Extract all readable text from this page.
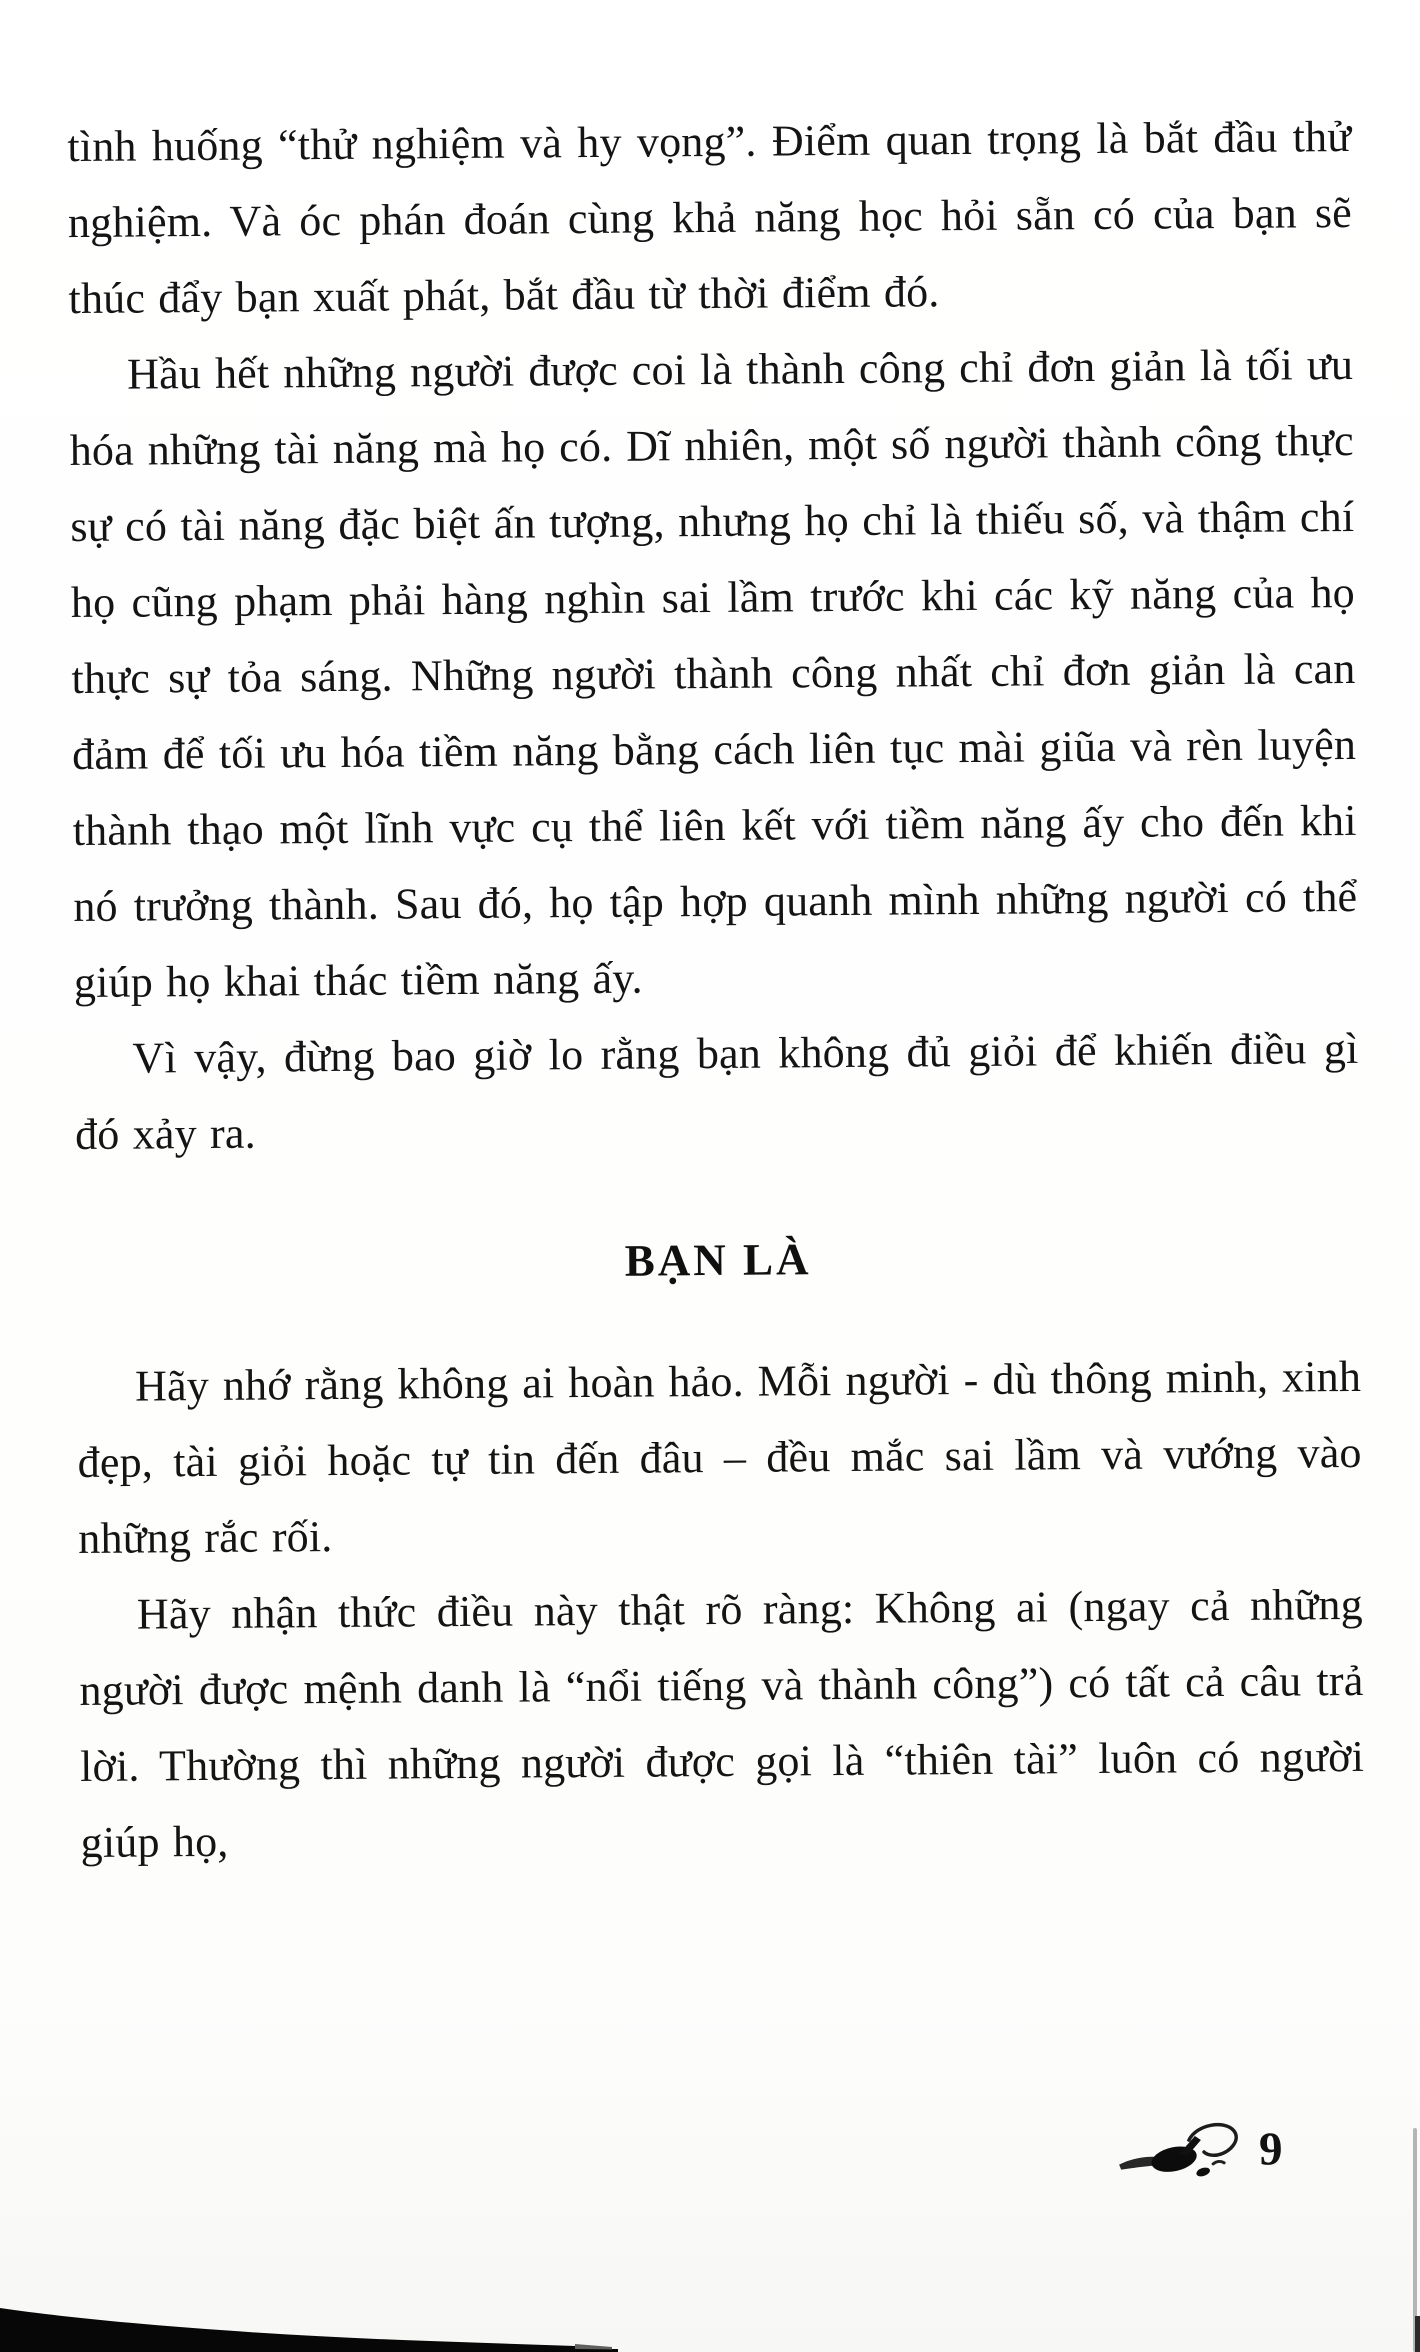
tình huống “thử nghiệm và hy vọng”. Điểm quan trọng là bắt đầu thử nghiệm. Và óc phán đoán cùng khả năng học hỏi sẵn có của bạn sẽ thúc đẩy bạn xuất phát, bắt đầu từ thời điểm đó.

Hầu hết những người được coi là thành công chỉ đơn giản là tối ưu hóa những tài năng mà họ có. Dĩ nhiên, một số người thành công thực sự có tài năng đặc biệt ấn tượng, nhưng họ chỉ là thiếu số, và thậm chí họ cũng phạm phải hàng nghìn sai lầm trước khi các kỹ năng của họ thực sự tỏa sáng. Những người thành công nhất chỉ đơn giản là can đảm để tối ưu hóa tiềm năng bằng cách liên tục mài giũa và rèn luyện thành thạo một lĩnh vực cụ thể liên kết với tiềm năng ấy cho đến khi nó trưởng thành. Sau đó, họ tập hợp quanh mình những người có thể giúp họ khai thác tiềm năng ấy.

Vì vậy, đừng bao giờ lo rằng bạn không đủ giỏi để khiến điều gì đó xảy ra.

BẠN LÀ

Hãy nhớ rằng không ai hoàn hảo. Mỗi người - dù thông minh, xinh đẹp, tài giỏi hoặc tự tin đến đâu – đều mắc sai lầm và vướng vào những rắc rối.

Hãy nhận thức điều này thật rõ ràng: Không ai (ngay cả những người được mệnh danh là “nổi tiếng và thành công”) có tất cả câu trả lời. Thường thì những người được gọi là “thiên tài” luôn có người giúp họ,

9
